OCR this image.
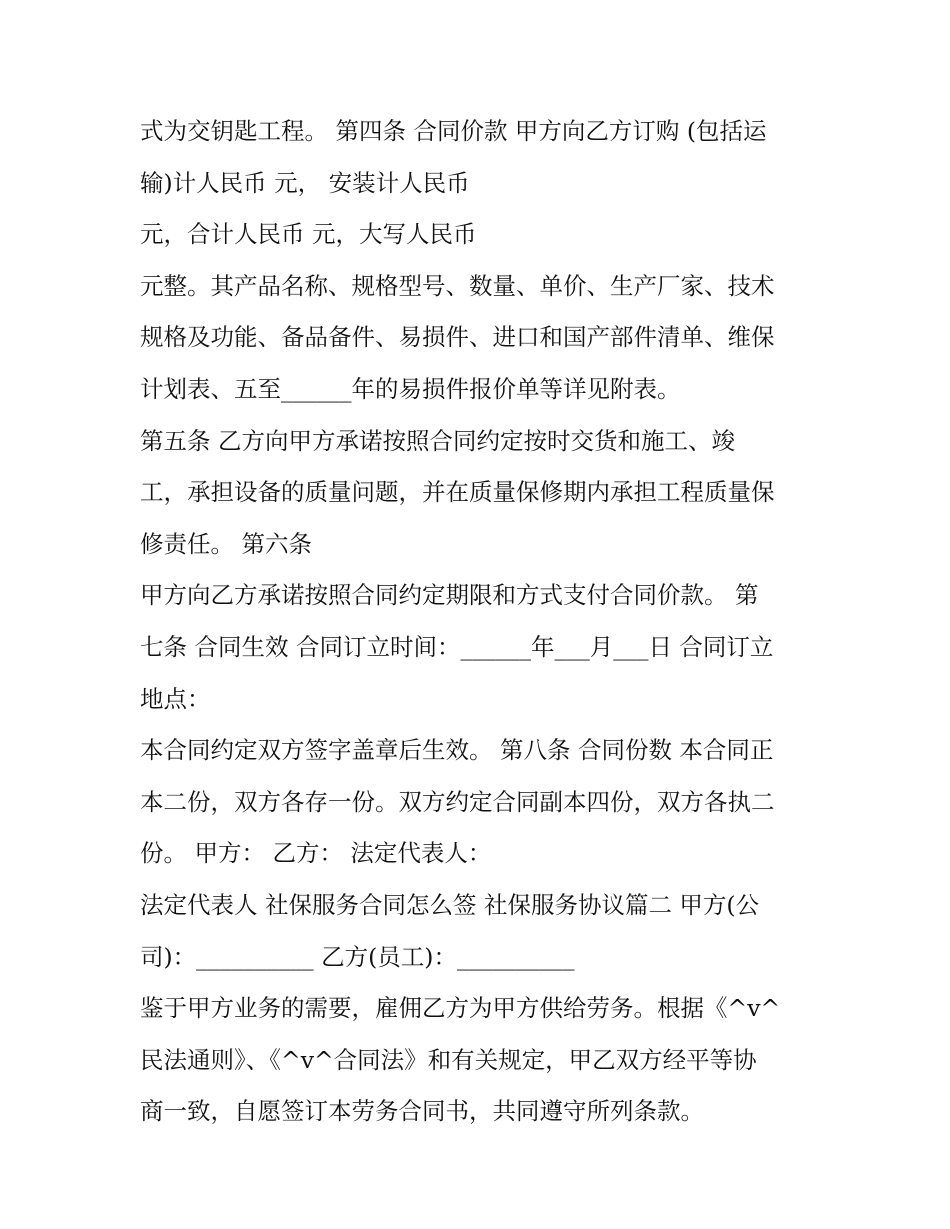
式为交钥匙工程。 第四条 合同价款 甲方向乙方订购 (包括运
输)计人民币 元， 安装计人民币
元，合计人民币 元，大写人民币
元整。其产品名称、规格型号、数量、单价、生产厂家、技术
规格及功能、备品备件、易损件、进口和国产部件清单、维保
计划表、五至______年的易损件报价单等详见附表。
第五条 乙方向甲方承诺按照合同约定按时交货和施工、竣
工，承担设备的质量问题，并在质量保修期内承担工程质量保
修责任。 第六条
甲方向乙方承诺按照合同约定期限和方式支付合同价款。 第
七条 合同生效 合同订立时间：______年___月___日 合同订立
地点：
本合同约定双方签字盖章后生效。 第八条 合同份数 本合同正
本二份，双方各存一份。双方约定合同副本四份，双方各执二
份。 甲方： 乙方： 法定代表人：
法定代表人 社保服务合同怎么签 社保服务协议篇二 甲方(公
司)：__________ 乙方(员工)：__________
鉴于甲方业务的需要，雇佣乙方为甲方供给劳务。根据《^v^
民法通则》、《^v^合同法》和有关规定，甲乙双方经平等协
商一致，自愿签订本劳务合同书，共同遵守所列条款。
